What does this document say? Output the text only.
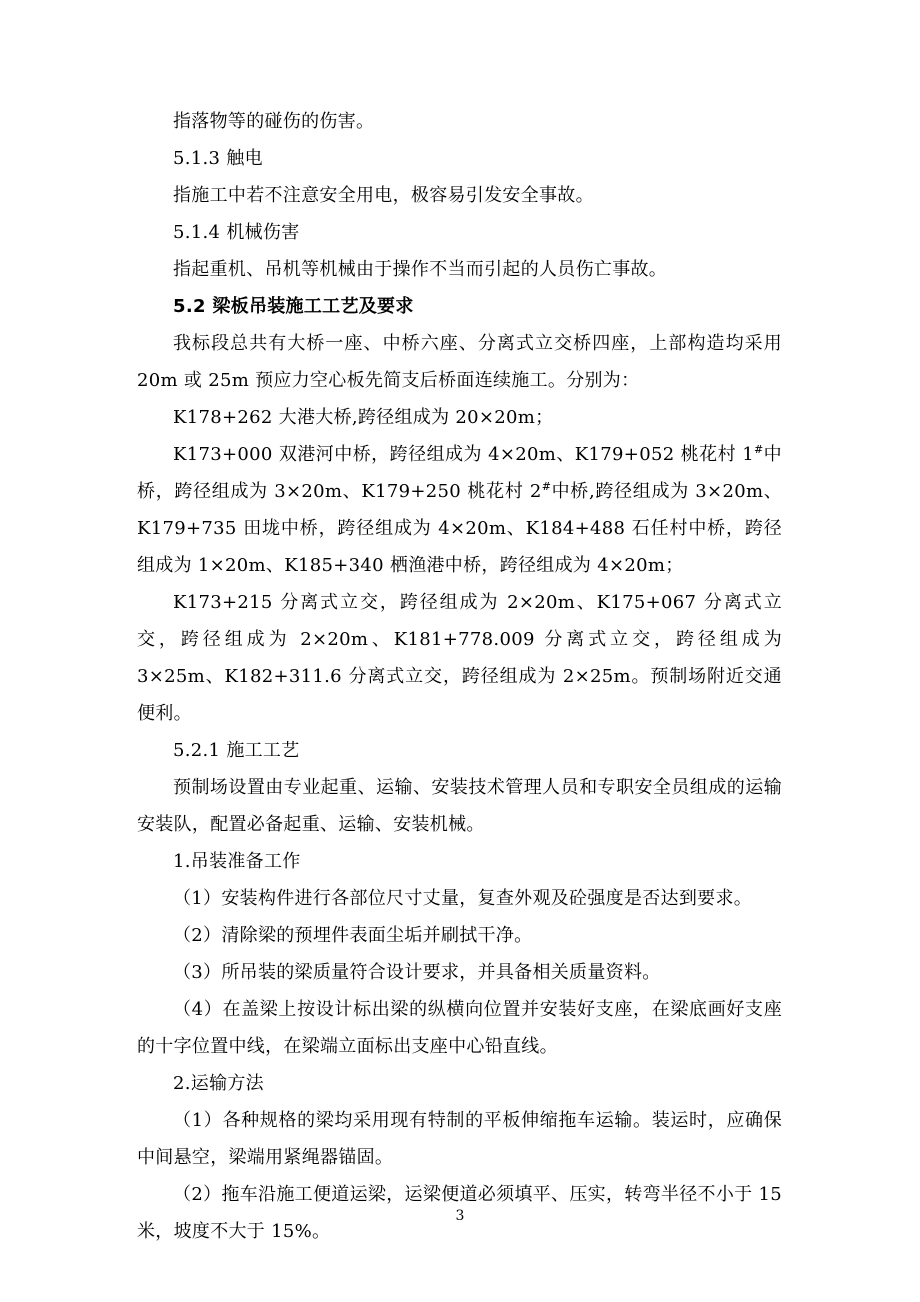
指落物等的碰伤的伤害。

5.1.3 触电

指施工中若不注意安全用电，极容易引发安全事故。

5.1.4 机械伤害

指起重机、吊机等机械由于操作不当而引起的人员伤亡事故。

5.2 梁板吊装施工工艺及要求

我标段总共有大桥一座、中桥六座、分离式立交桥四座，上部构造均采用 20m 或 25m 预应力空心板先简支后桥面连续施工。分别为：

K178+262 大港大桥,跨径组成为 20×20m；

K173+000 双港河中桥，跨径组成为 4×20m、K179+052 桃花村 1#中桥，跨径组成为 3×20m、K179+250 桃花村 2#中桥,跨径组成为 3×20m、K179+735 田垅中桥，跨径组成为 4×20m、K184+488 石任村中桥，跨径组成为 1×20m、K185+340 栖渔港中桥，跨径组成为 4×20m；

K173+215 分离式立交，跨径组成为 2×20m、K175+067 分离式立交，跨径组成为 2×20m、K181+778.009 分离式立交，跨径组成为 3×25m、K182+311.6 分离式立交，跨径组成为 2×25m。预制场附近交通便利。

5.2.1 施工工艺

预制场设置由专业起重、运输、安装技术管理人员和专职安全员组成的运输安装队，配置必备起重、运输、安装机械。

1.吊装准备工作

（1）安装构件进行各部位尺寸丈量，复查外观及砼强度是否达到要求。

（2）清除梁的预埋件表面尘垢并刷拭干净。

（3）所吊装的梁质量符合设计要求，并具备相关质量资料。

（4）在盖梁上按设计标出梁的纵横向位置并安装好支座，在梁底画好支座的十字位置中线，在梁端立面标出支座中心铅直线。

2.运输方法

（1）各种规格的梁均采用现有特制的平板伸缩拖车运输。装运时，应确保中间悬空，梁端用紧绳器锚固。

（2）拖车沿施工便道运梁，运梁便道必须填平、压实，转弯半径不小于 15 米，坡度不大于 15%。

3
